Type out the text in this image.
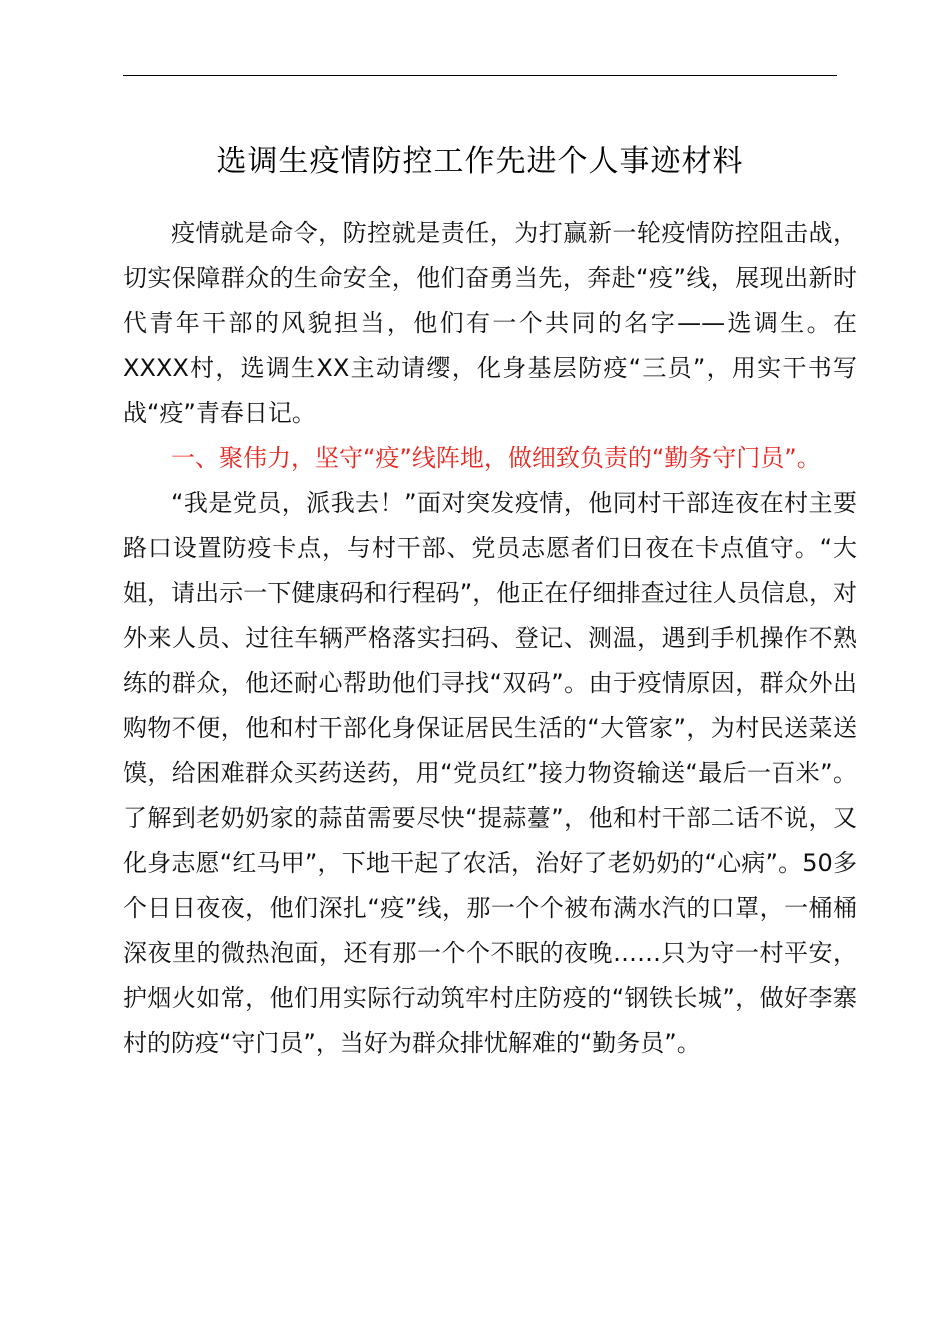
选调生疫情防控工作先进个人事迹材料

疫情就是命令，防控就是责任，为打赢新一轮疫情防控阻击战，切实保障群众的生命安全，他们奋勇当先，奔赴“疫”线，展现出新时代青年干部的风貌担当，他们有一个共同的名字——选调生。在XXXX村，选调生XX主动请缨，化身基层防疫“三员”，用实干书写战“疫”青春日记。

一、聚伟力，坚守“疫”线阵地，做细致负责的“勤务守门员”。

“我是党员，派我去！”面对突发疫情，他同村干部连夜在村主要路口设置防疫卡点，与村干部、党员志愿者们日夜在卡点值守。“大姐，请出示一下健康码和行程码”，他正在仔细排查过往人员信息，对外来人员、过往车辆严格落实扫码、登记、测温，遇到手机操作不熟练的群众，他还耐心帮助他们寻找“双码”。由于疫情原因，群众外出购物不便，他和村干部化身保证居民生活的“大管家”，为村民送菜送馍，给困难群众买药送药，用“党员红”接力物资输送“最后一百米”。了解到老奶奶家的蒜苗需要尽快“提蒜薹”，他和村干部二话不说，又化身志愿“红马甲”，下地干起了农活，治好了老奶奶的“心病”。50多个日日夜夜，他们深扎“疫”线，那一个个被布满水汽的口罩，一桶桶深夜里的微热泡面，还有那一个个不眠的夜晚……只为守一村平安，护烟火如常，他们用实际行动筑牢村庄防疫的“钢铁长城”，做好李寨村的防疫“守门员”，当好为群众排忧解难的“勤务员”。
